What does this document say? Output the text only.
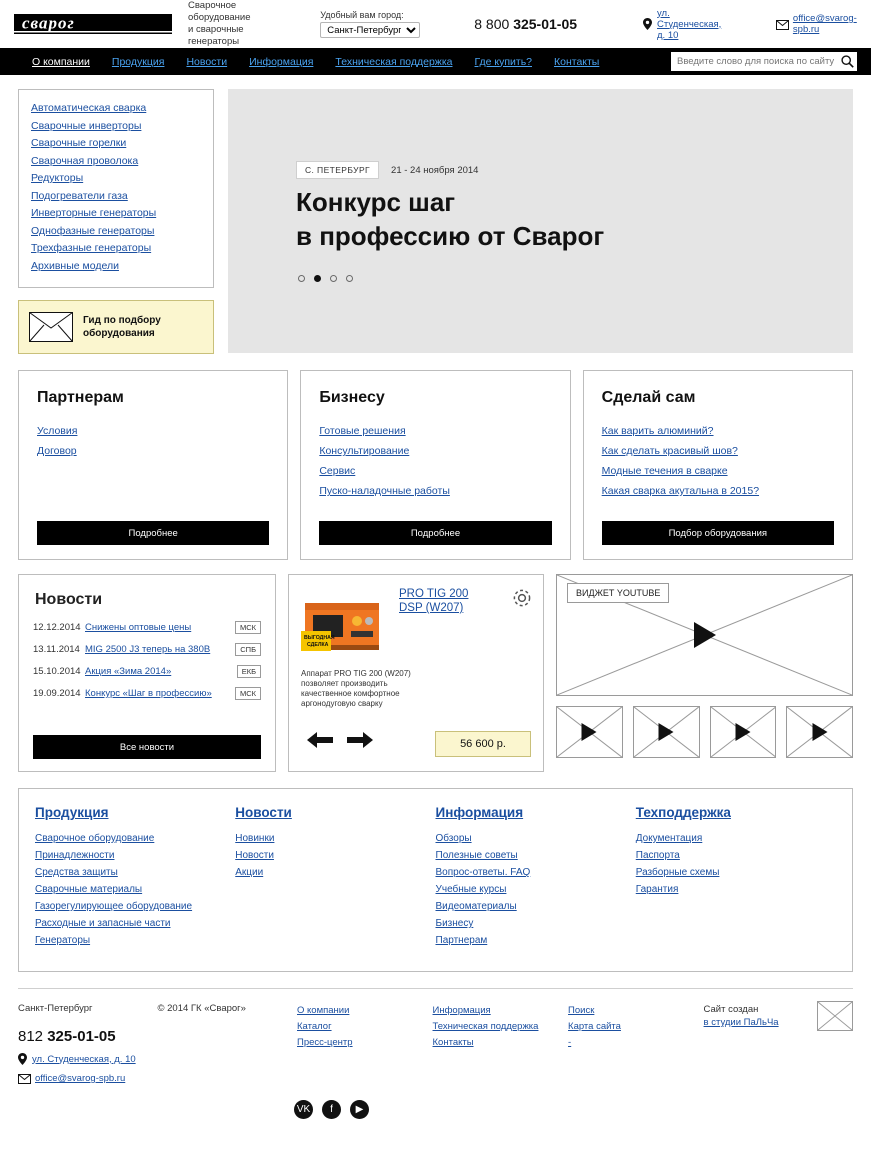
сварог
Сварочное оборудование
и сварочные генераторы
Удобный вам город:
Санкт-Петербург
8 800 325-01-05
ул. Студенческая, д. 10
office@svarog-spb.ru
О компании Продукция Новости Информация Техническая поддержка Где купить? Контакты
Введите слово для поиска по сайту
Автоматическая сварка
Сварочные инверторы
Сварочные горелки
Сварочная проволока
Редукторы
Подогреватели газа
Инверторные генераторы
Однофазные генераторы
Трехфазные генераторы
Архивные модели
Гид по подбору
оборудования
С. ПЕТЕРБУРГ	21 - 24 ноября 2014
Конкурс шаг
в профессию от Сварог
Партнерам
Условия
Договор
Подробнее
Бизнесу
Готовые решения
Консультирование
Сервис
Пуско-наладочные работы
Подробнее
Сделай сам
Как варить алюминий?
Как сделать красивый шов?
Модные течения в сварке
Какая сварка акутальна в 2015?
Подбор оборудования
Новости
12.12.2014 Снижены оптовые цены	МСК
13.11.2014 MIG 2500 J3 теперь на 380В	СПБ
15.10.2014 Акция «Зима 2014»	ЕКБ
19.09.2014 Конкурс «Шаг в профессию»	МСК
Все новости
ВЫГОДНАЯ
СДЕЛКА
PRO TIG 200
DSP (W207)
Аппарат PRO TIG 200 (W207) позволяет производить качественное комфортное аргонодуговую сварку
56 600 р.
ВИДЖЕТ YOUTUBE
Продукция
Сварочное оборудование
Принадлежности
Средства защиты
Сварочные материалы
Газорегулирующее оборудование
Расходные и запасные части
Генераторы
Новости
Новинки
Новости
Акции
Информация
Обзоры
Полезные советы
Вопрос-ответы. FAQ
Учебные курсы
Видеоматериалы
Бизнесу
Партнерам
Техподдержка
Документация
Паспорта
Разборные схемы
Гарантия
Санкт-Петербург
812 325-01-05
ул. Студенческая, д. 10
office@svarog-spb.ru
© 2014 ГК «Сварог»	О компании
Каталог
Пресс-центр
Информация
Техническая поддержка
Контакты
Поиск
Карта сайта
-
Сайт создан
в студии ПаЛьЧа
VK	f	▶
